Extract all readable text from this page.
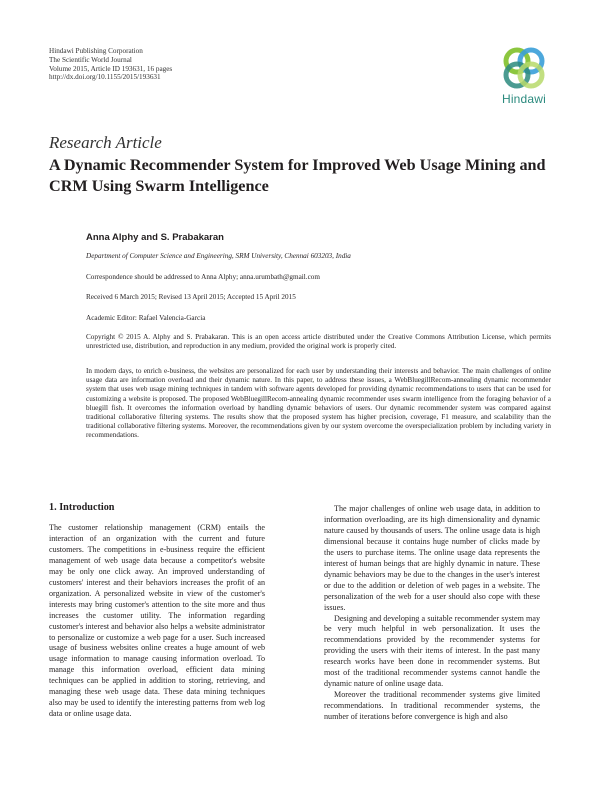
Hindawi Publishing Corporation
The Scientific World Journal
Volume 2015, Article ID 193631, 16 pages
http://dx.doi.org/10.1155/2015/193631
Hindawi
Research Article
A Dynamic Recommender System for Improved Web Usage Mining and CRM Using Swarm Intelligence
Anna Alphy and S. Prabakaran
Department of Computer Science and Engineering, SRM University, Chennai 603203, India
Correspondence should be addressed to Anna Alphy; anna.urumbath@gmail.com
Received 6 March 2015; Revised 13 April 2015; Accepted 15 April 2015
Academic Editor: Rafael Valencia-Garcia
Copyright © 2015 A. Alphy and S. Prabakaran. This is an open access article distributed under the Creative Commons Attribution License, which permits unrestricted use, distribution, and reproduction in any medium, provided the original work is properly cited.
In modern days, to enrich e-business, the websites are personalized for each user by understanding their interests and behavior. The main challenges of online usage data are information overload and their dynamic nature. In this paper, to address these issues, a WebBluegillRecom-annealing dynamic recommender system that uses web usage mining techniques in tandem with software agents developed for providing dynamic recommendations to users that can be used for customizing a website is proposed. The proposed WebBluegillRecom-annealing dynamic recommender uses swarm intelligence from the foraging behavior of a bluegill fish. It overcomes the information overload by handling dynamic behaviors of users. Our dynamic recommender system was compared against traditional collaborative filtering systems. The results show that the proposed system has higher precision, coverage, F1 measure, and scalability than the traditional collaborative filtering systems. Moreover, the recommendations given by our system overcome the overspecialization problem by including variety in recommendations.
1. Introduction

The customer relationship management (CRM) entails the interaction of an organization with the current and future customers. The competitions in e-business require the efficient management of web usage data because a competitor's website may be only one click away. An improved understanding of customers' interest and their behaviors increases the profit of an organization. A personalized website in view of the customer's interests may bring customer's attention to the site more and thus increases the customer utility. The information regarding customer's interest and behavior also helps a website administrator to personalize or customize a web page for a user. Such increased usage of business websites online creates a huge amount of web usage information to manage causing information overload. To manage this information overload, efficient data mining techniques can be applied in addition to storing, retrieving, and managing these web usage data. These data mining techniques also may be used to identify the interesting patterns from web log data or online usage data.

The major challenges of online web usage data, in addition to information overloading, are its high dimensionality and dynamic nature caused by thousands of users. The online usage data is high dimensional because it contains huge number of clicks made by the users to purchase items. The online usage data represents the interest of human beings that are highly dynamic in nature. These dynamic behaviors may be due to the changes in the user's interest or due to the addition or deletion of web pages in a website. The personalization of the web for a user should also cope with these issues.

Designing and developing a suitable recommender system may be very much helpful in web personalization. It uses the recommendations provided by the recommender systems for providing the users with their items of interest. In the past many research works have been done in recommender systems. But most of the traditional recommender systems cannot handle the dynamic nature of online usage data.

Moreover the traditional recommender systems give limited recommendations. In traditional recommender systems, the number of iterations before convergence is high and also
